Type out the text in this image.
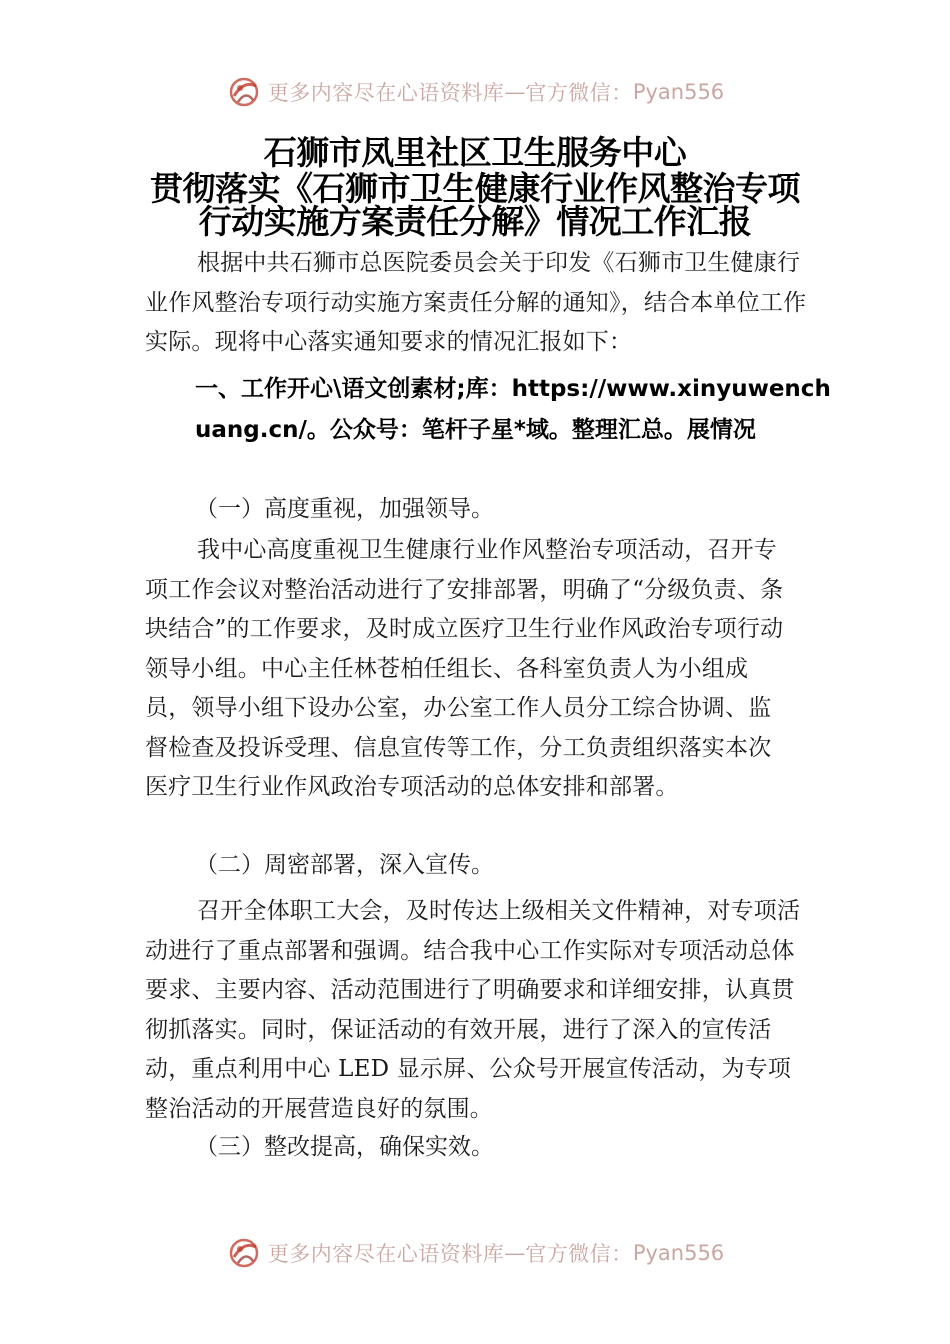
更多内容尽在心语资料库 — 官方微信： Pyan556
石狮市凤里社区卫生服务中心
贯彻落实《石狮市卫生健康行业作风整治专项
行动实施方案责任分解》情况工作汇报

根据中共石狮市总医院委员会关于印发《石狮市卫生健康行业作风整治专项行动实施方案责任分解的通知》，结合本单位工作实际。现将中心落实通知要求的情况汇报如下：

一、工作开心\语文创素材;库：https://www.xinyuwenchuang.cn/。公众号：笔杆子星*域。整理汇总。展情况

（一）高度重视，加强领导。

我中心高度重视卫生健康行业作风整治专项活动，召开专项工作会议对整治活动进行了安排部署，明确了“分级负责、条块结合”的工作要求，及时成立医疗卫生行业作风政治专项行动领导小组。中心主任林苍柏任组长、各科室负责人为小组成员，领导小组下设办公室，办公室工作人员分工综合协调、监督检查及投诉受理、信息宣传等工作，分工负责组织落实本次医疗卫生行业作风政治专项活动的总体安排和部署。

（二）周密部署，深入宣传。

召开全体职工大会，及时传达上级相关文件精神，对专项活动进行了重点部署和强调。结合我中心工作实际对专项活动总体要求、主要内容、活动范围进行了明确要求和详细安排，认真贯彻抓落实。同时，保证活动的有效开展，进行了深入的宣传活动，重点利用中心 LED 显示屏、公众号开展宣传活动，为专项整治活动的开展营造良好的氛围。

（三）整改提高，确保实效。

更多内容尽在心语资料库 — 官方微信： Pyan556
